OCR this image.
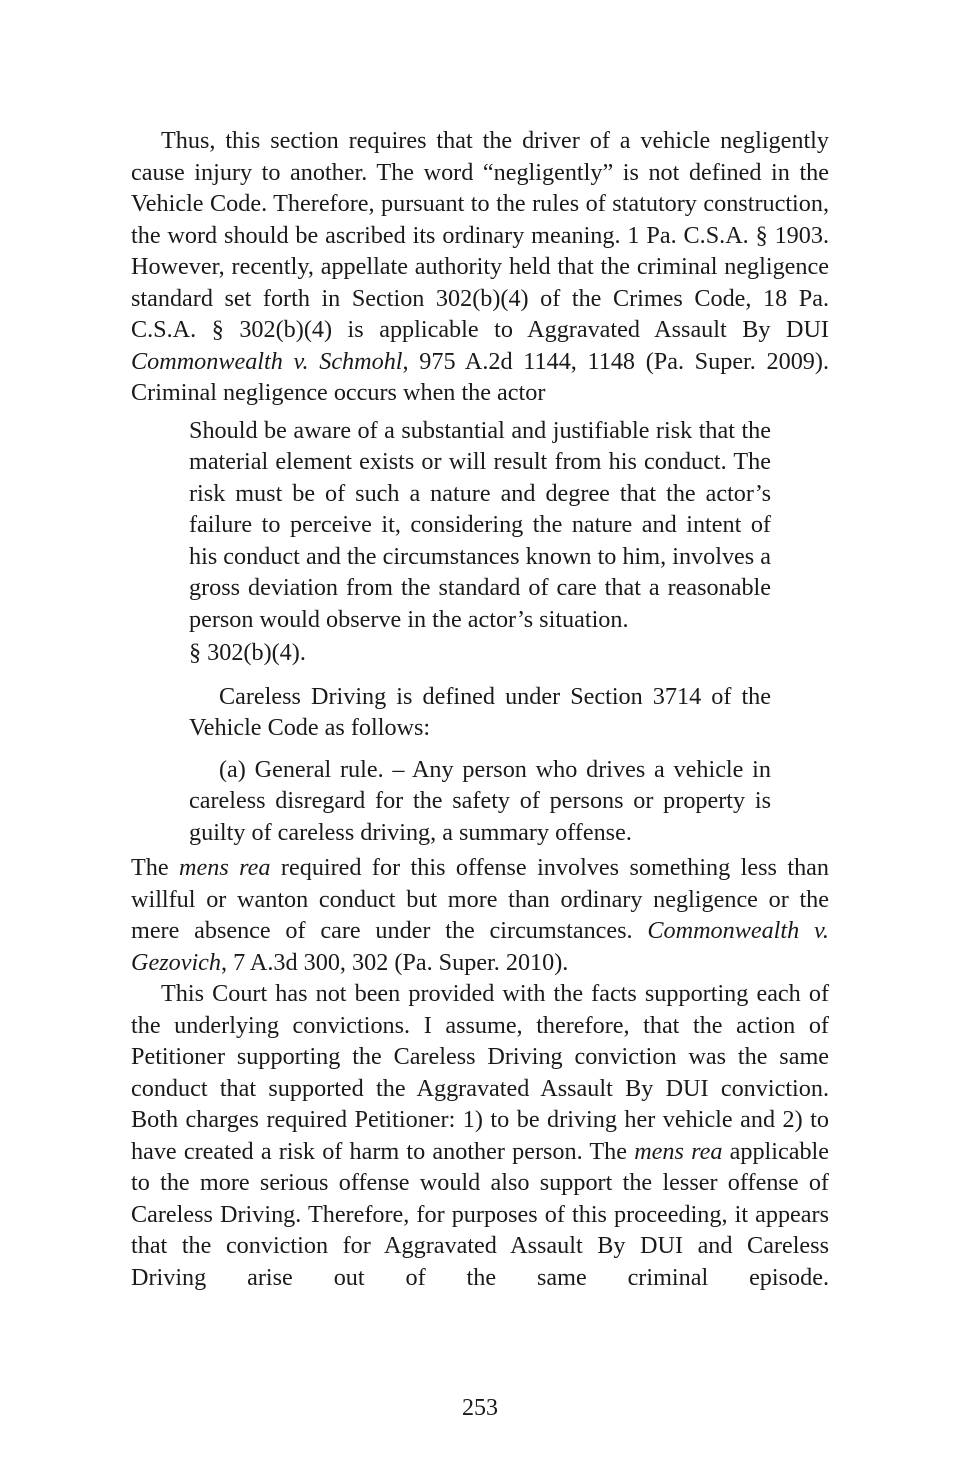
Thus, this section requires that the driver of a vehicle negligently cause injury to another. The word “negligently” is not defined in the Vehicle Code. Therefore, pursuant to the rules of statutory construction, the word should be ascribed its ordinary meaning. 1 Pa. C.S.A. § 1903. However, recently, appellate authority held that the criminal negligence standard set forth in Section 302(b)(4) of the Crimes Code, 18 Pa. C.S.A. § 302(b)(4) is applicable to Aggravated Assault By DUI Commonwealth v. Schmohl, 975 A.2d 1144, 1148 (Pa. Super. 2009). Criminal negligence occurs when the actor

Should be aware of a substantial and justifiable risk that the material element exists or will result from his conduct. The risk must be of such a nature and degree that the actor’s failure to perceive it, considering the nature and intent of his conduct and the circumstances known to him, involves a gross deviation from the standard of care that a reasonable person would observe in the actor’s situation.

§ 302(b)(4).

Careless Driving is defined under Section 3714 of the Vehicle Code as follows:

(a) General rule. – Any person who drives a vehicle in careless disregard for the safety of persons or property is guilty of careless driving, a summary offense.

The mens rea required for this offense involves something less than willful or wanton conduct but more than ordinary negligence or the mere absence of care under the circumstances. Commonwealth v. Gezovich, 7 A.3d 300, 302 (Pa. Super. 2010).

This Court has not been provided with the facts supporting each of the underlying convictions. I assume, therefore, that the action of Petitioner supporting the Careless Driving conviction was the same conduct that supported the Aggravated Assault By DUI conviction. Both charges required Petitioner: 1) to be driving her vehicle and 2) to have created a risk of harm to another person. The mens rea applicable to the more serious offense would also support the lesser offense of Careless Driving. Therefore, for purposes of this proceeding, it appears that the conviction for Aggravated Assault By DUI and Careless Driving arise out of the same criminal episode.

253
